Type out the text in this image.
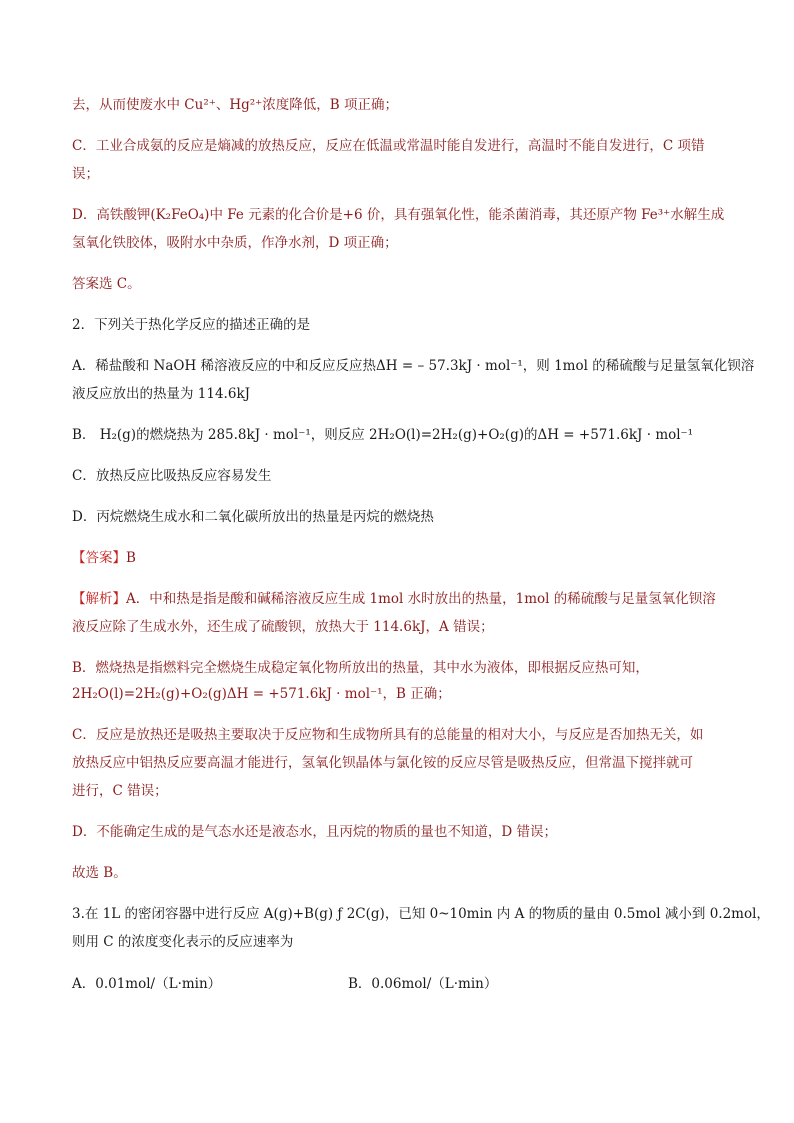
去，从而使废水中 Cu²⁺、Hg²⁺浓度降低，B 项正确；
C．工业合成氨的反应是熵减的放热反应，反应在低温或常温时能自发进行，高温时不能自发进行，C 项错
误；
D．高铁酸钾(K₂FeO₄)中 Fe 元素的化合价是+6 价，具有强氧化性，能杀菌消毒，其还原产物 Fe³⁺水解生成
氢氧化铁胶体，吸附水中杂质，作净水剂，D 项正确；
答案选 C。
2．下列关于热化学反应的描述正确的是
A．稀盐酸和 NaOH 稀溶液反应的中和反应反应热ΔH = – 57.3kJ · mol⁻¹，则 1mol 的稀硫酸与足量氢氧化钡溶
液反应放出的热量为 114.6kJ
B． H₂(g)的燃烧热为 285.8kJ · mol⁻¹，则反应 2H₂O(l)=2H₂(g)+O₂(g)的ΔH = +571.6kJ · mol⁻¹
C．放热反应比吸热反应容易发生
D．丙烷燃烧生成水和二氧化碳所放出的热量是丙烷的燃烧热
【答案】B
【解析】A．中和热是指是酸和碱稀溶液反应生成 1mol 水时放出的热量，1mol 的稀硫酸与足量氢氧化钡溶
液反应除了生成水外，还生成了硫酸钡，放热大于 114.6kJ，A 错误；
B．燃烧热是指燃料完全燃烧生成稳定氧化物所放出的热量，其中水为液体，即根据反应热可知，
2H₂O(l)=2H₂(g)+O₂(g)ΔH = +571.6kJ · mol⁻¹，B 正确；
C．反应是放热还是吸热主要取决于反应物和生成物所具有的总能量的相对大小，与反应是否加热无关，如
放热反应中铝热反应要高温才能进行，氢氧化钡晶体与氯化铵的反应尽管是吸热反应，但常温下搅拌就可
进行，C 错误；
D．不能确定生成的是气态水还是液态水，且丙烷的物质的量也不知道，D 错误；
故选 B。
3.在 1L 的密闭容器中进行反应 A(g)+B(g) ƒ 2C(g)，已知 0~10min 内 A 的物质的量由 0.5mol 减小到 0.2mol，
则用 C 的浓度变化表示的反应速率为
A．0.01mol/（L·min）	B．0.06mol/（L·min）
